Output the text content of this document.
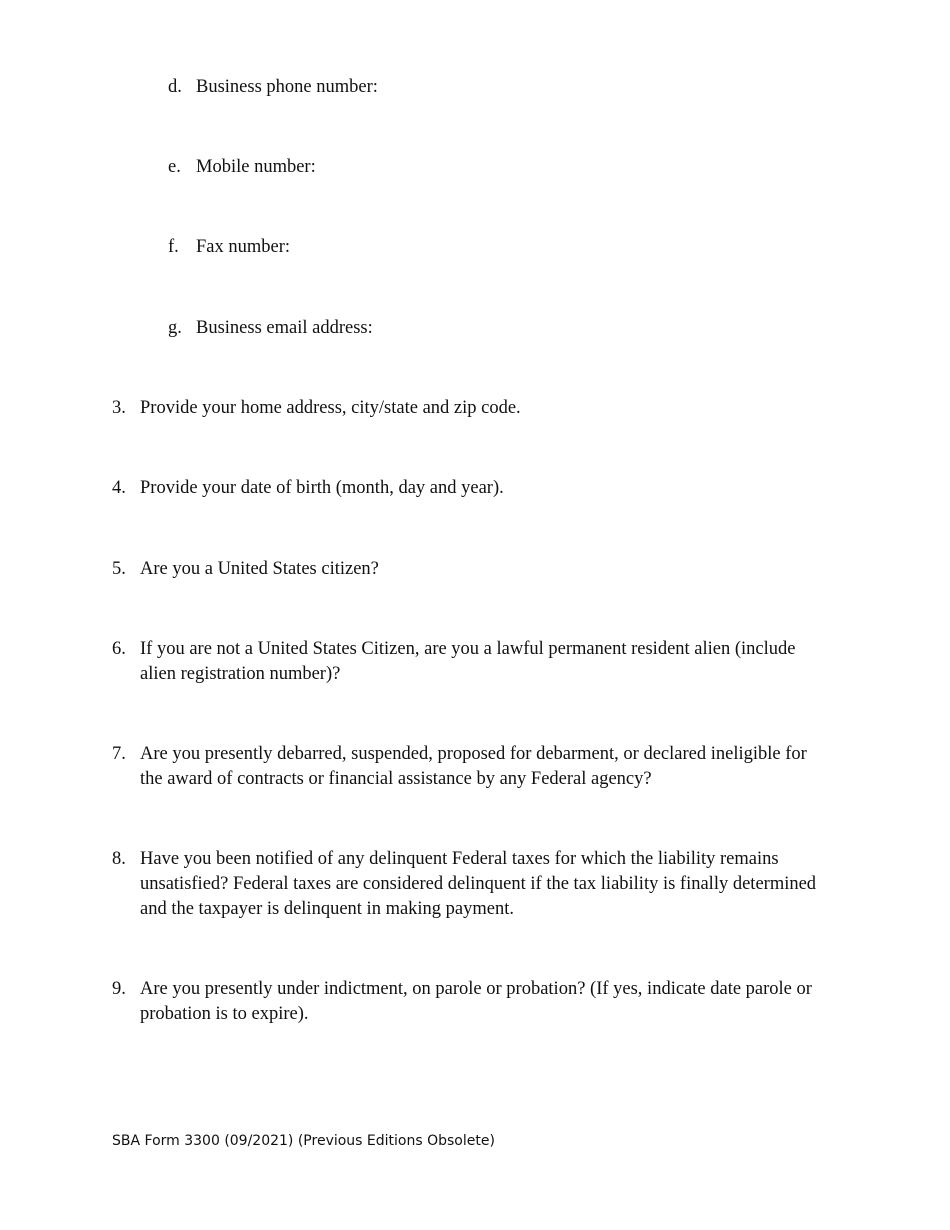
d. Business phone number:
e. Mobile number:
f. Fax number:
g. Business email address:
3. Provide your home address, city/state and zip code.
4. Provide your date of birth (month, day and year).
5. Are you a United States citizen?
6. If you are not a United States Citizen, are you a lawful permanent resident alien (include alien registration number)?
7. Are you presently debarred, suspended, proposed for debarment, or declared ineligible for the award of contracts or financial assistance by any Federal agency?
8. Have you been notified of any delinquent Federal taxes for which the liability remains unsatisfied? Federal taxes are considered delinquent if the tax liability is finally determined and the taxpayer is delinquent in making payment.
9. Are you presently under indictment, on parole or probation? (If yes, indicate date parole or probation is to expire).
SBA Form 3300 (09/2021) (Previous Editions Obsolete)
